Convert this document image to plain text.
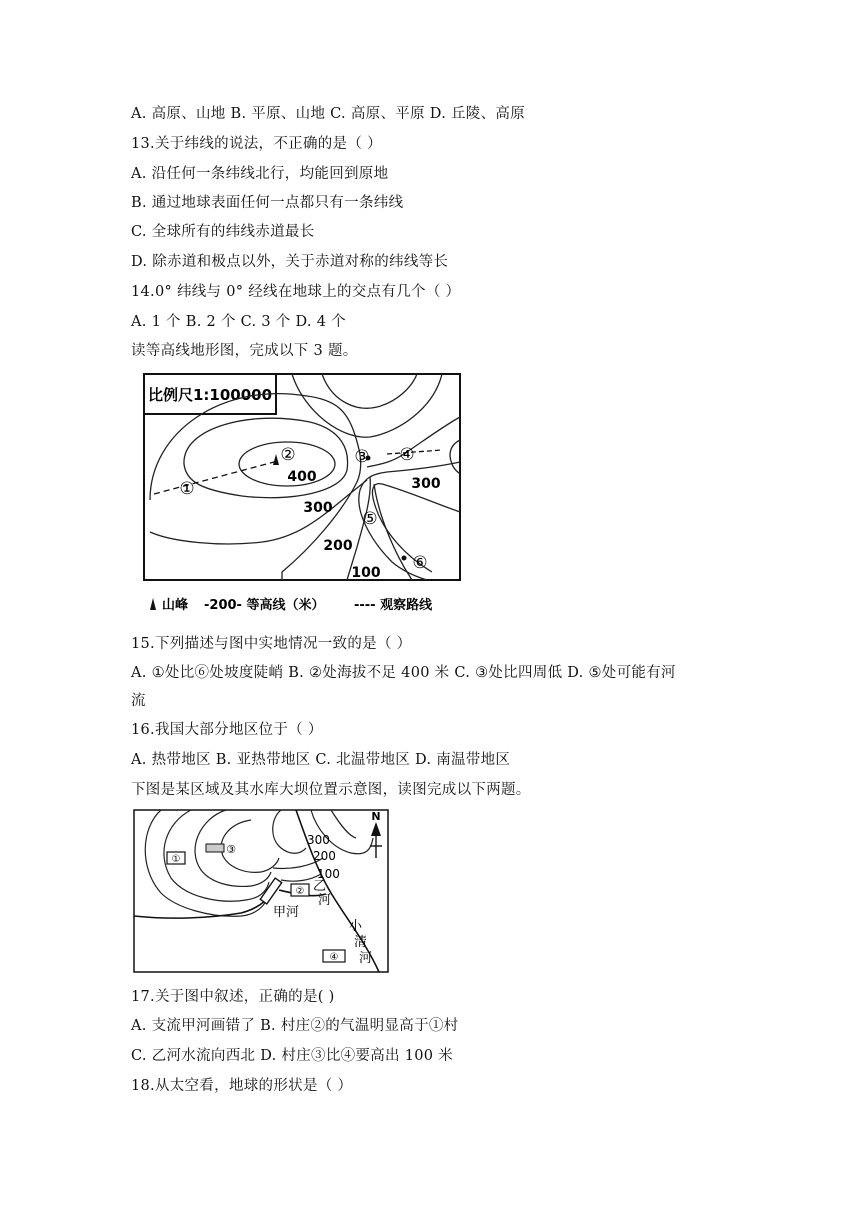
A. 高原、山地 B. 平原、山地 C. 高原、平原 D. 丘陵、高原
13.关于纬线的说法，不正确的是（ ）
A. 沿任何一条纬线北行，均能回到原地
B. 通过地球表面任何一点都只有一条纬线
C. 全球所有的纬线赤道最长
D. 除赤道和极点以外，关于赤道对称的纬线等长
14.0° 纬线与 0° 经线在地球上的交点有几个（ ）
A. 1 个 B. 2 个 C. 3 个 D. 4 个
读等高线地形图，完成以下 3 题。
比例尺1:100000
①
②	③ ④
⑤
⑥
400
300
300
200
100
山峰 -200- 等高线（米） ---- 观察路线
15.下列描述与图中实地情况一致的是（ ）
A. ①处比⑥处坡度陡峭 B. ②处海拔不足 400 米 C. ③处比四周低 D. ⑤处可能有河
流
16.我国大部分地区位于（ ）
A. 热带地区 B. 亚热带地区 C. 北温带地区 D. 南温带地区
下图是某区域及其水库大坝位置示意图，读图完成以下两题。
N
①
②
③
④
300
200
100
乙
河
甲河
小
清
河
17.关于图中叙述，正确的是( )
A. 支流甲河画错了 B. 村庄②的气温明显高于①村
C. 乙河水流向西北 D. 村庄③比④要高出 100 米
18.从太空看，地球的形状是（ ）
